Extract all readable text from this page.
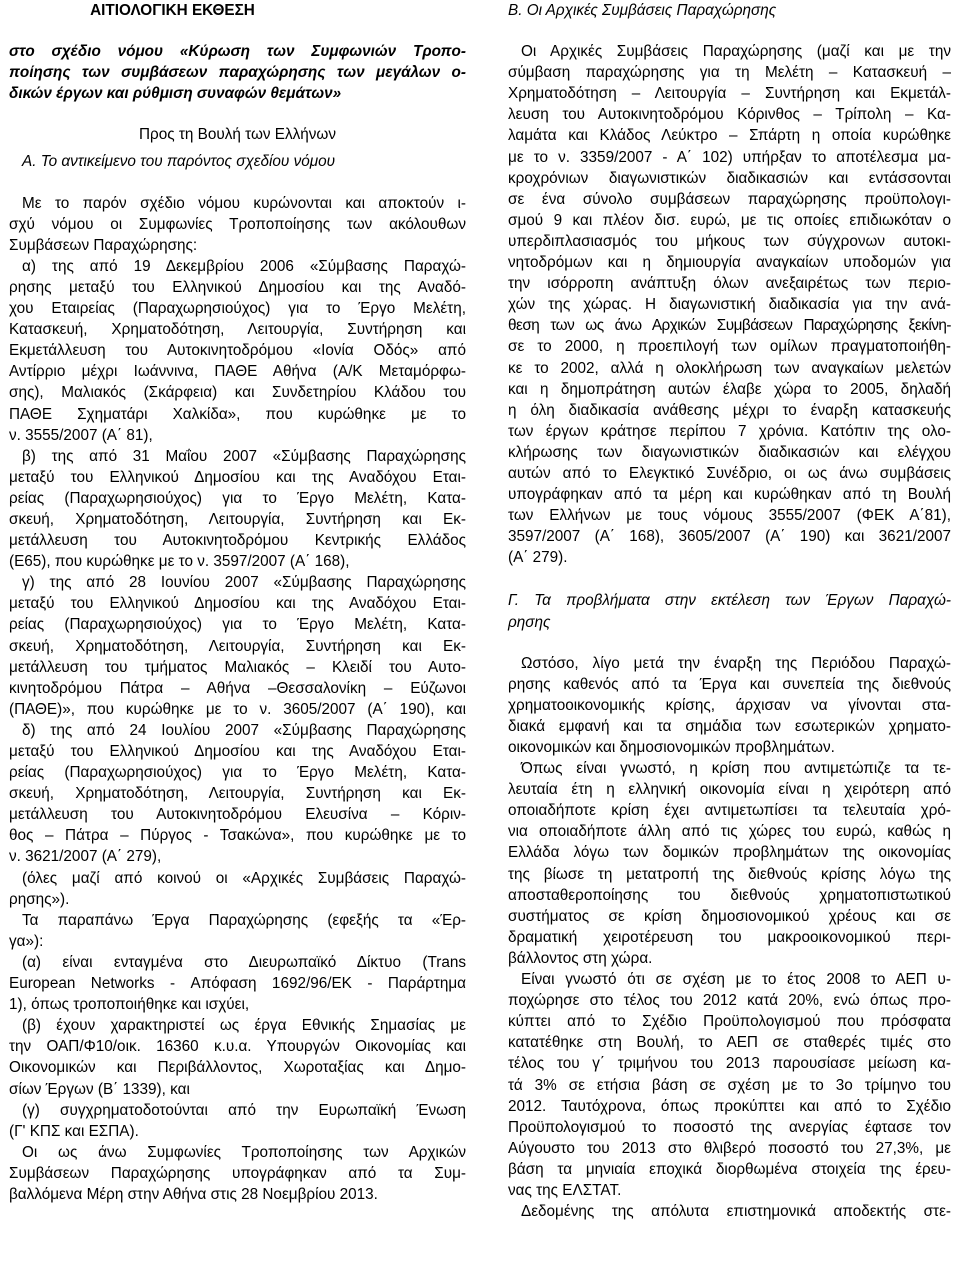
ΑΙΤΙΟΛΟΓΙΚΗ ΕΚΘΕΣΗ

στο σχέδιο νόμου «Κύρωση των Συμφωνιών Τροπο-
ποίησης των συμβάσεων παραχώρησης των μεγάλων ο-
δικών έργων και ρύθμιση συναφών θεμάτων»

Προς τη Βουλή των Ελλήνων

Α. Το αντικείμενο του παρόντος σχεδίου νόμου

Με το παρόν σχέδιο νόμου κυρώνονται και αποκτούν ι-
σχύ νόμου οι Συμφωνίες Τροποποίησης των ακόλουθων
Συμβάσεων Παραχώρησης:
α) της από 19 Δεκεμβρίου 2006 «Σύμβασης Παραχώ-
ρησης μεταξύ του Ελληνικού Δημοσίου και της Αναδό-
χου Εταιρείας (Παραχωρησιούχος) για το Έργο Μελέτη,
Κατασκευή, Χρηματοδότηση, Λειτουργία, Συντήρηση και
Εκμετάλλευση του Αυτοκινητοδρόμου «Ιονία Οδός» από
Αντίρριο μέχρι Ιωάννινα, ΠΑΘΕ Αθήνα (Α/Κ Μεταμόρφω-
σης), Μαλιακός (Σκάρφεια) και Συνδετηρίου Κλάδου του
ΠΑΘΕ Σχηματάρι Χαλκίδα», που κυρώθηκε με το
ν. 3555/2007 (Α΄ 81),
β) της από 31 Μαΐου 2007 «Σύμβασης Παραχώρησης
μεταξύ του Ελληνικού Δημοσίου και της Αναδόχου Εται-
ρείας (Παραχωρησιούχος) για το Έργο Μελέτη, Κατα-
σκευή, Χρηματοδότηση, Λειτουργία, Συντήρηση και Εκ-
μετάλλευση του Αυτοκινητοδρόμου Κεντρικής Ελλάδος
(Ε65), που κυρώθηκε με το ν. 3597/2007 (Α΄ 168),
γ) της από 28 Ιουνίου 2007 «Σύμβασης Παραχώρησης
μεταξύ του Ελληνικού Δημοσίου και της Αναδόχου Εται-
ρείας (Παραχωρησιούχος) για το Έργο Μελέτη, Κατα-
σκευή, Χρηματοδότηση, Λειτουργία, Συντήρηση και Εκ-
μετάλλευση του τμήματος Μαλιακός – Κλειδί του Αυτο-
κινητοδρόμου Πάτρα – Αθήνα –Θεσσαλονίκη – Εύζωνοι
(ΠΑΘΕ)», που κυρώθηκε με το ν. 3605/2007 (Α΄ 190), και
δ) της από 24 Ιουλίου 2007 «Σύμβασης Παραχώρησης
μεταξύ του Ελληνικού Δημοσίου και της Αναδόχου Εται-
ρείας (Παραχωρησιούχος) για το Έργο Μελέτη, Κατα-
σκευή, Χρηματοδότηση, Λειτουργία, Συντήρηση και Εκ-
μετάλλευση του Αυτοκινητοδρόμου Ελευσίνα – Κόριν-
θος – Πάτρα – Πύργος - Τσακώνα», που κυρώθηκε με το
ν. 3621/2007 (Α΄ 279),
(όλες μαζί από κοινού οι «Αρχικές Συμβάσεις Παραχώ-
ρησης»).
Τα παραπάνω Έργα Παραχώρησης (εφεξής τα «Έρ-
γα»):
(α) είναι ενταγμένα στο Διευρωπαϊκό Δίκτυο (Trans
European Networks - Απόφαση 1692/96/ΕΚ - Παράρτημα
1), όπως τροποποιήθηκε και ισχύει,
(β) έχουν χαρακτηριστεί ως έργα Εθνικής Σημασίας με
την ΟΑΠ/Φ10/οικ. 16360 κ.υ.α. Υπουργών Οικονομίας και
Οικονομικών και Περιβάλλοντος, Χωροταξίας και Δημο-
σίων Έργων (Β΄ 1339), και
(γ) συγχρηματοδοτούνται από την Ευρωπαϊκή Ένωση
(Γ' ΚΠΣ και ΕΣΠΑ).
Οι ως άνω Συμφωνίες Τροποποίησης των Αρχικών
Συμβάσεων Παραχώρησης υπογράφηκαν από τα Συμ-
βαλλόμενα Μέρη στην Αθήνα στις 28 Νοεμβρίου 2013.

Β. Οι Αρχικές Συμβάσεις Παραχώρησης

Οι Αρχικές Συμβάσεις Παραχώρησης (μαζί και με την
σύμβαση παραχώρησης για τη Μελέτη – Κατασκευή –
Χρηματοδότηση – Λειτουργία – Συντήρηση και Εκμετάλ-
λευση του Αυτοκινητοδρόμου Κόρινθος – Τρίπολη – Κα-
λαμάτα και Κλάδος Λεύκτρο – Σπάρτη η οποία κυρώθηκε
με το ν. 3359/2007 - Α΄ 102) υπήρξαν το αποτέλεσμα μα-
κροχρόνιων διαγωνιστικών διαδικασιών και εντάσσονται
σε ένα σύνολο συμβάσεων παραχώρησης προϋπολογι-
σμού 9 και πλέον δισ. ευρώ, με τις οποίες επιδιωκόταν ο
υπερδιπλασιασμός του μήκους των σύγχρονων αυτοκι-
νητοδρόμων και η δημιουργία αναγκαίων υποδομών για
την ισόρροπη ανάπτυξη όλων ανεξαιρέτως των περιο-
χών της χώρας. Η διαγωνιστική διαδικασία για την ανά-
θεση των ως άνω Αρχικών Συμβάσεων Παραχώρησης ξεκίνη-
σε το 2000, η προεπιλογή των ομίλων πραγματοποιήθη-
κε το 2002, αλλά η ολοκλήρωση των αναγκαίων μελετών
και η δημοπράτηση αυτών έλαβε χώρα το 2005, δηλαδή
η όλη διαδικασία ανάθεσης μέχρι το έναρξη κατασκευής
των έργων κράτησε περίπου 7 χρόνια. Κατόπιν της ολο-
κλήρωσης των διαγωνιστικών διαδικασιών και ελέγχου
αυτών από το Ελεγκτικό Συνέδριο, οι ως άνω συμβάσεις
υπογράφηκαν από τα μέρη και κυρώθηκαν από τη Βουλή
των Ελλήνων με τους νόμους 3555/2007 (ΦΕΚ Α΄81),
3597/2007 (Α΄ 168), 3605/2007 (Α΄ 190) και 3621/2007
(Α΄ 279).
Γ. Τα προβλήματα στην εκτέλεση των Έργων Παραχώ-
ρησης
Ωστόσο, λίγο μετά την έναρξη της Περιόδου Παραχώ-
ρησης καθενός από τα Έργα και συνεπεία της διεθνούς
χρηματοοικονομικής κρίσης, άρχισαν να γίνονται στα-
διακά εμφανή και τα σημάδια των εσωτερικών χρηματο-
οικονομικών και δημοσιονομικών προβλημάτων.
Όπως είναι γνωστό, η κρίση που αντιμετώπιζε τα τε-
λευταία έτη η ελληνική οικονομία είναι η χειρότερη από
οποιαδήποτε κρίση έχει αντιμετωπίσει τα τελευταία χρό-
νια οποιαδήποτε άλλη από τις χώρες του ευρώ, καθώς η
Ελλάδα λόγω των δομικών προβλημάτων της οικονομίας
της βίωσε τη μετατροπή της διεθνούς κρίσης λόγω της
αποσταθεροποίησης του διεθνούς χρηματοπιστωτικού
συστήματος σε κρίση δημοσιονομικού χρέους και σε
δραματική χειροτέρευση του μακροοικονομικού περι-
βάλλοντος στη χώρα.
Είναι γνωστό ότι σε σχέση με το έτος 2008 το ΑΕΠ υ-
ποχώρησε στο τέλος του 2012 κατά 20%, ενώ όπως προ-
κύπτει από το Σχέδιο Προϋπολογισμού που πρόσφατα
κατατέθηκε στη Βουλή, το ΑΕΠ σε σταθερές τιμές στο
τέλος του γ΄ τριμήνου του 2013 παρουσίασε μείωση κα-
τά 3% σε ετήσια βάση σε σχέση με το 3ο τρίμηνο του
2012. Ταυτόχρονα, όπως προκύπτει και από το Σχέδιο
Προϋπολογισμού το ποσοστό της ανεργίας έφτασε τον
Αύγουστο του 2013 στο θλιβερό ποσοστό του 27,3%, με
βάση τα μηνιαία εποχικά διορθωμένα στοιχεία της έρευ-
νας της ΕΛΣΤΑΤ.
Δεδομένης της απόλυτα επιστημονικά αποδεκτής στε-
